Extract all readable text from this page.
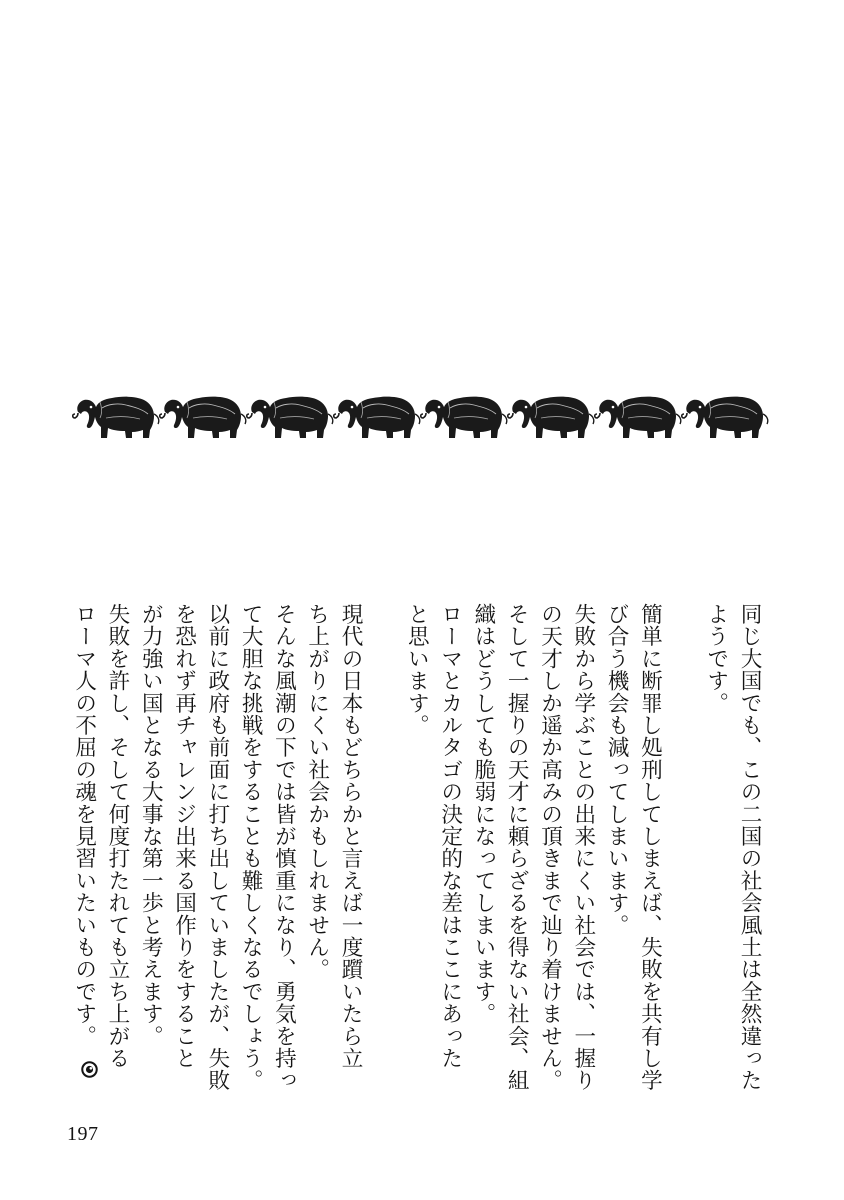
同じ大国でも、この二国の社会風土は全然違った
ようです。
簡単に断罪し処刑してしまえば、失敗を共有し学
び合う機会も減ってしまいます。
失敗から学ぶことの出来にくい社会では、一握り
の天才しか遥か高みの頂きまで辿り着けません。
そして一握りの天才に頼らざるを得ない社会、組
織はどうしても脆弱になってしまいます。
ローマとカルタゴの決定的な差はここにあった
と思います。
現代の日本もどちらかと言えば一度躓いたら立
ち上がりにくい社会かもしれません。
そんな風潮の下では皆が慎重になり、勇気を持っ
て大胆な挑戦をすることも難しくなるでしょう。
以前に政府も前面に打ち出していましたが、失敗
を恐れず再チャレンジ出来る国作りをすること
が力強い国となる大事な第一歩と考えます。
失敗を許し、そして何度打たれても立ち上がる
ローマ人の不屈の魂を見習いたいものです。
197
